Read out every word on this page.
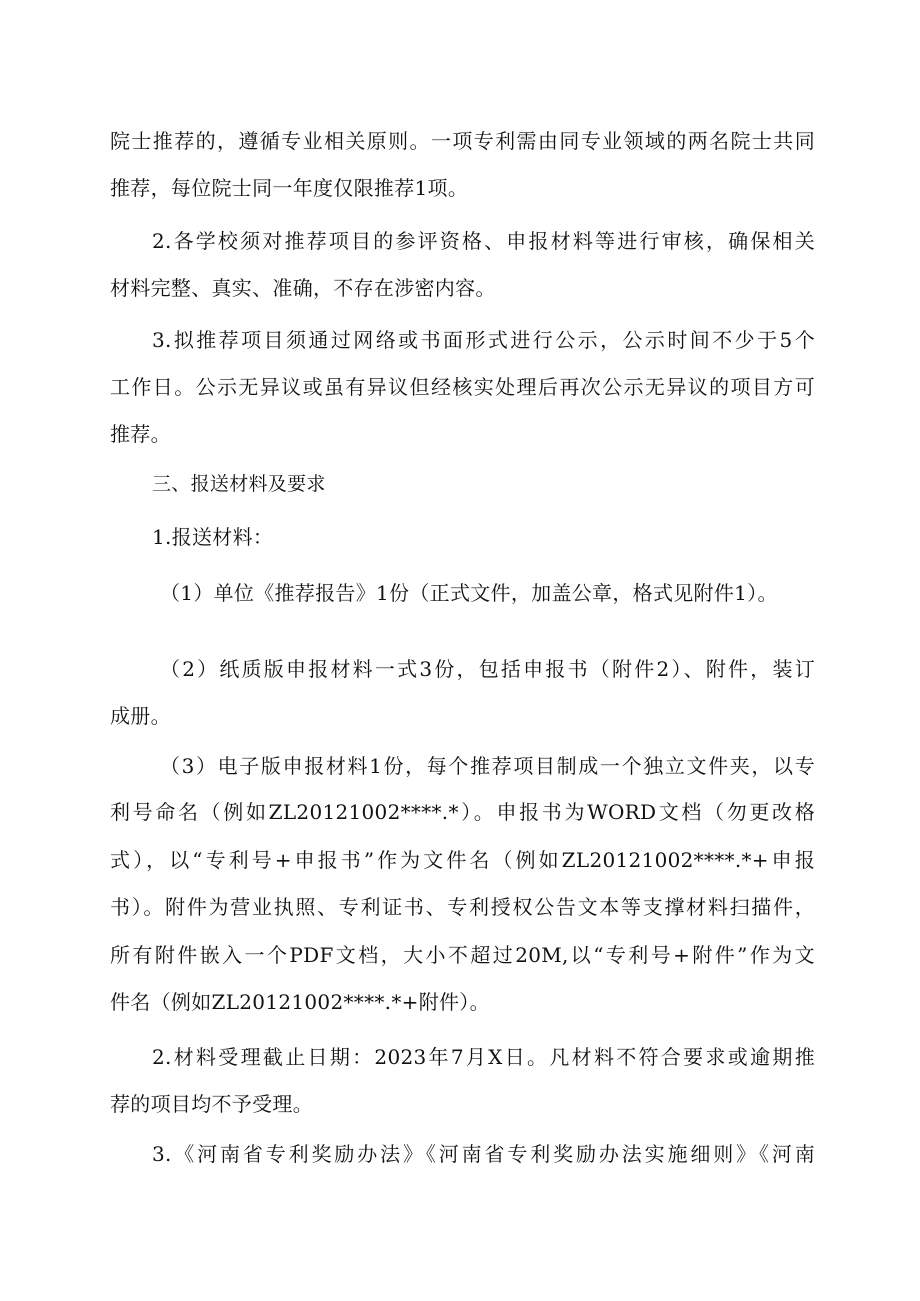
院士推荐的，遵循专业相关原则。一项专利需由同专业领域的两名院士共同
推荐，每位院士同一年度仅限推荐1项。
2.各学校须对推荐项目的参评资格、申报材料等进行审核，确保相关
材料完整、真实、准确，不存在涉密内容。
3.拟推荐项目须通过网络或书面形式进行公示，公示时间不少于5个
工作日。公示无异议或虽有异议但经核实处理后再次公示无异议的项目方可
推荐。
三、报送材料及要求
1.报送材料：
（1）单位《推荐报告》1份（正式文件，加盖公章，格式见附件1）。
（2）纸质版申报材料一式3份，包括申报书（附件2）、附件，装订
成册。
（3）电子版申报材料1份，每个推荐项目制成一个独立文件夹，以专
利号命名（例如ZL20121002****.*）。申报书为WORD文档（勿更改格
式），以“专利号+申报书”作为文件名（例如ZL20121002****.*+申报
书）。附件为营业执照、专利证书、专利授权公告文本等支撑材料扫描件，
所有附件嵌入一个PDF文档，大小不超过20M,以“专利号+附件”作为文
件名（例如ZL20121002****.*+附件）。
2.材料受理截止日期：2023年7月X日。凡材料不符合要求或逾期推
荐的项目均不予受理。
3.《河南省专利奖励办法》《河南省专利奖励办法实施细则》《河南
